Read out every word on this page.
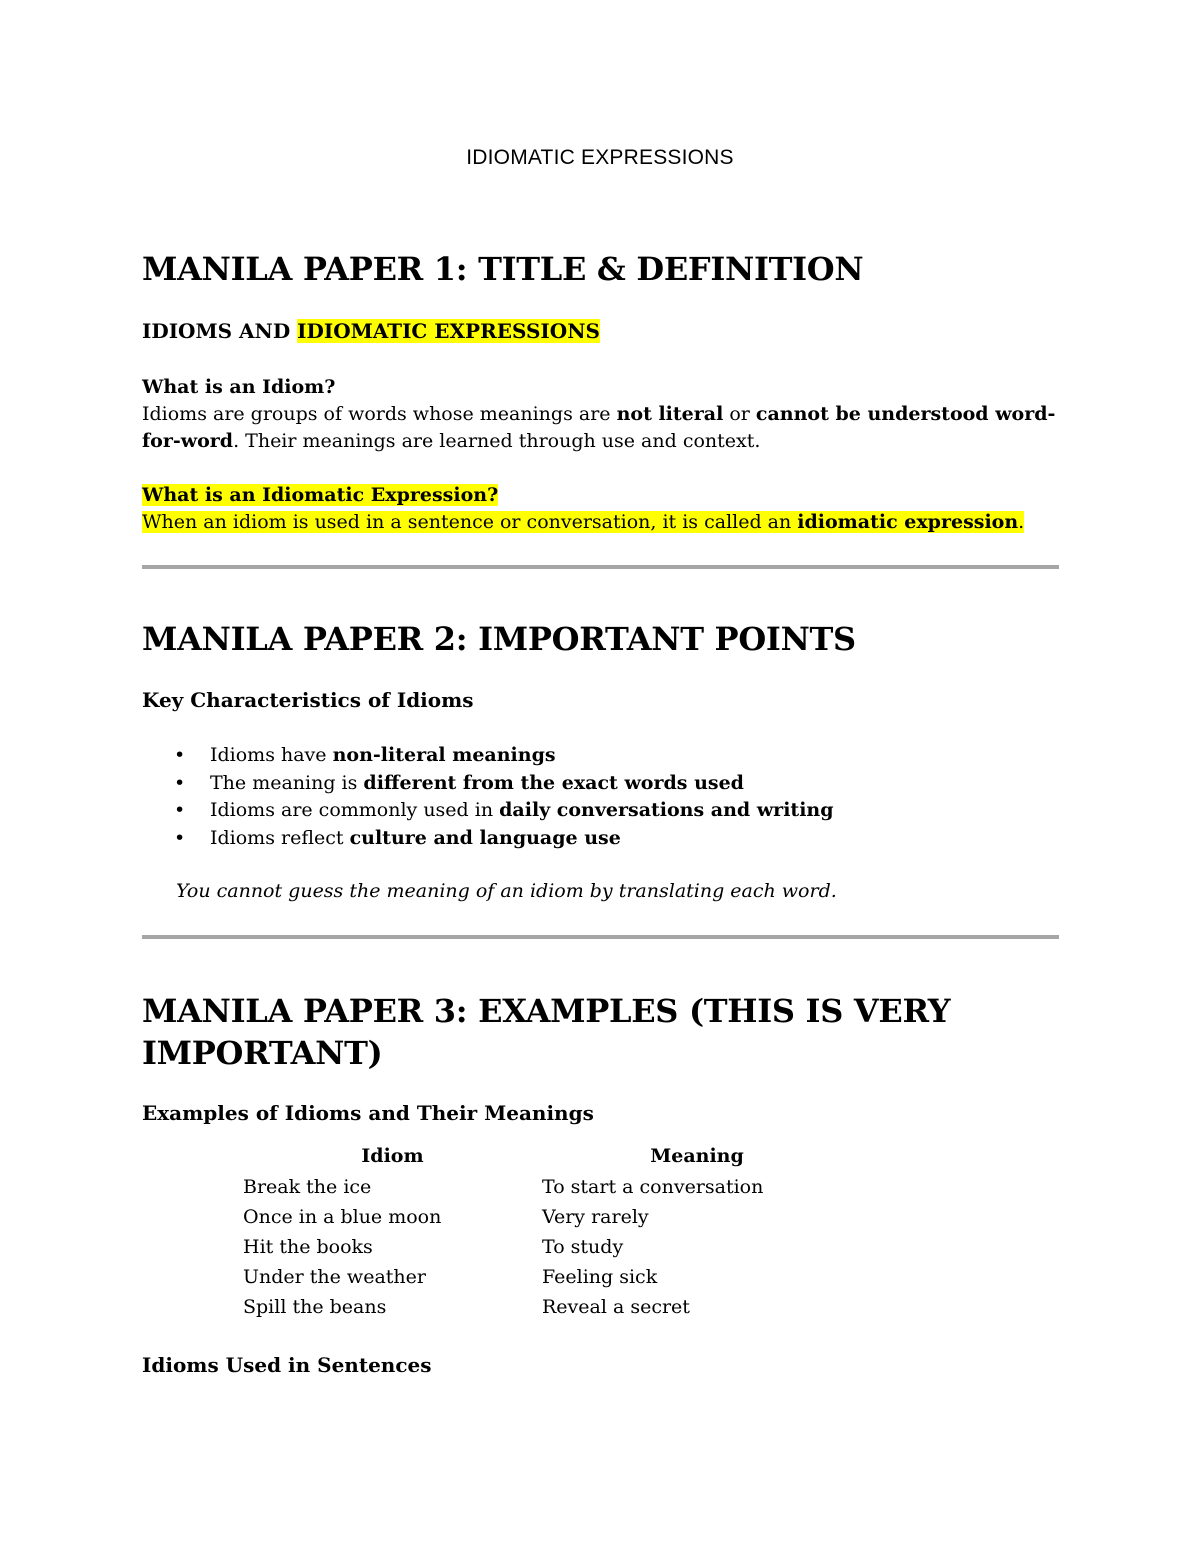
IDIOMATIC EXPRESSIONS
MANILA PAPER 1: TITLE & DEFINITION
IDIOMS AND IDIOMATIC EXPRESSIONS
What is an Idiom?
Idioms are groups of words whose meanings are not literal or cannot be understood word-for-word. Their meanings are learned through use and context.
What is an Idiomatic Expression?
When an idiom is used in a sentence or conversation, it is called an idiomatic expression.
MANILA PAPER 2: IMPORTANT POINTS
Key Characteristics of Idioms
• Idioms have non-literal meanings
• The meaning is different from the exact words used
• Idioms are commonly used in daily conversations and writing
• Idioms reflect culture and language use
You cannot guess the meaning of an idiom by translating each word.
MANILA PAPER 3: EXAMPLES (THIS IS VERY IMPORTANT)
Examples of Idioms and Their Meanings
Idiom	Meaning
Break the ice	To start a conversation
Once in a blue moon	Very rarely
Hit the books	To study
Under the weather	Feeling sick
Spill the beans	Reveal a secret
Idioms Used in Sentences
